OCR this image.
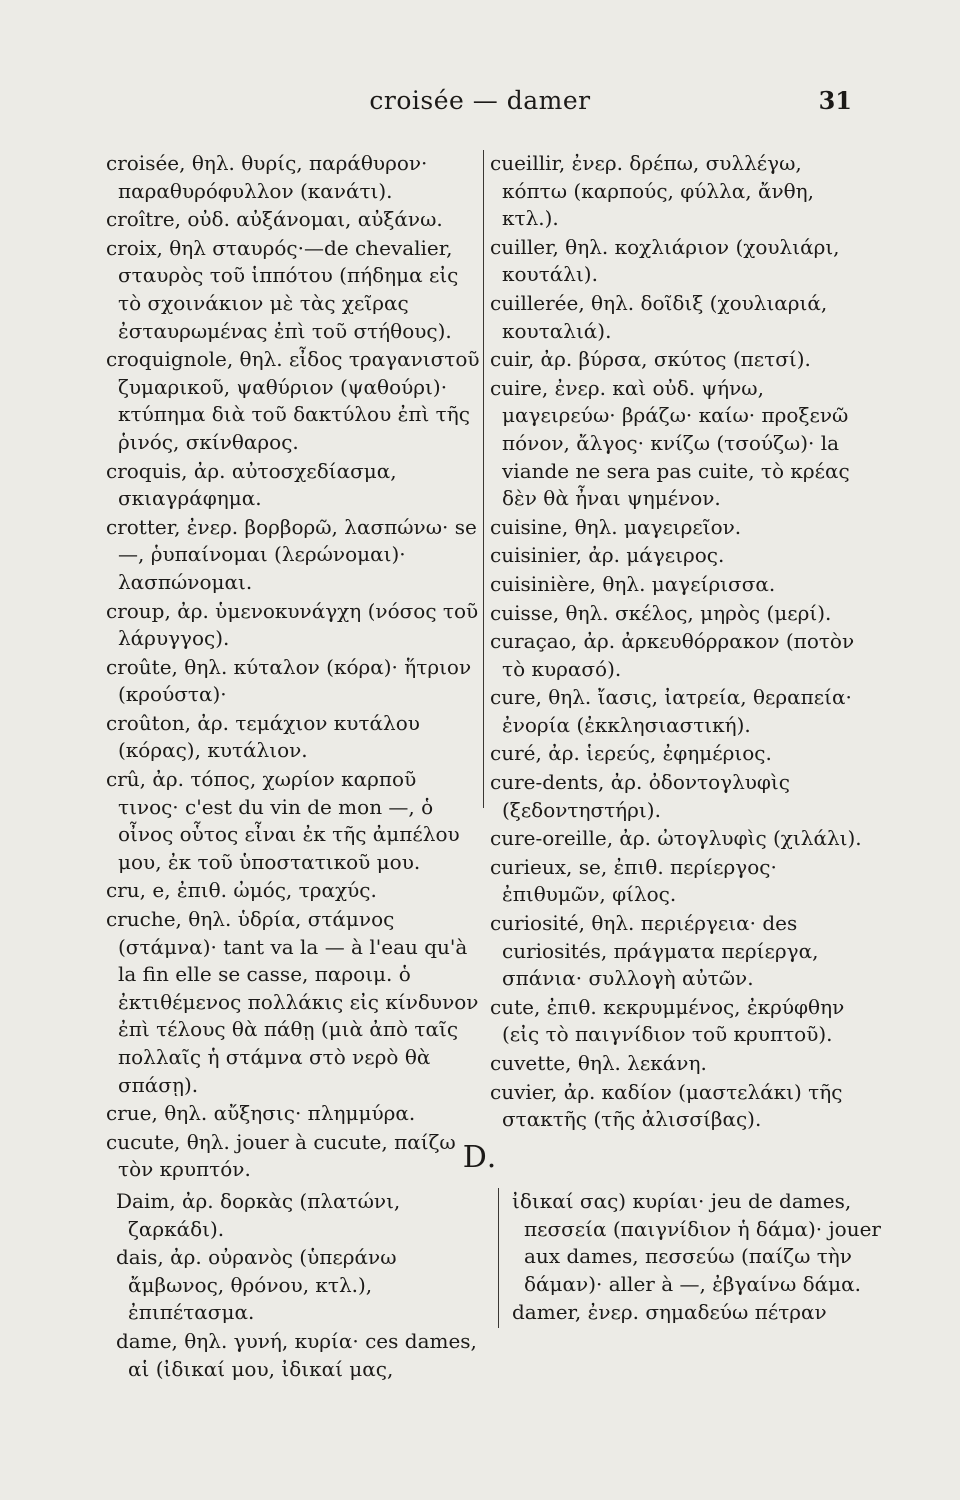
croisée — damer	31

croisée, θηλ. θυρίς, παράθυρον· παραθυρόφυλλον (κανάτι).

croître, οὐδ. αὐξάνομαι, αὐξάνω.

croix, θηλ σταυρός·—de chevalier, σταυρὸς τοῦ ἱππότου (πήδημα εἰς τὸ σχοινάκιον μὲ τὰς χεῖρας ἐσταυρωμένας ἐπὶ τοῦ στήθους).

croquignole, θηλ. εἶδος τραγανιστοῦ ζυμαρικοῦ, ψαθύριον (ψαθούρι)· κτύπημα διὰ τοῦ δακτύλου ἐπὶ τῆς ῥινός, σκίνθαρος.

croquis, ἀρ. αὐτοσχεδίασμα, σκιαγράφημα.

crotter, ἐνερ. βορβορῶ, λασπώνω· se —, ῥυπαίνομαι (λερώνομαι)· λασπώνομαι.

croup, ἀρ. ὑμενοκυνάγχη (νόσος τοῦ λάρυγγος).

croûte, θηλ. κύταλον (κόρα)· ἥτριον (κρούστα)·

croûton, ἀρ. τεμάχιον κυτάλου (κόρας), κυτάλιον.

crû, ἀρ. τόπος, χωρίον καρποῦ τινος· c'est du vin de mon —, ὁ οἶνος οὗτος εἶναι ἐκ τῆς ἀμπέλου μου, ἐκ τοῦ ὑποστατικοῦ μου.

cru, e, ἐπιθ. ὠμός, τραχύς.

cruche, θηλ. ὑδρία, στάμνος (στάμνα)· tant va la — à l'eau qu'à la fin elle se casse, παροιμ. ὁ ἐκτιθέμενος πολλάκις εἰς κίνδυνον ἐπὶ τέλους θὰ πάθῃ (μιὰ ἀπὸ ταῖς πολλαῖς ἡ στάμνα στὸ νερὸ θὰ σπάσῃ).

crue, θηλ. αὔξησις· πλημμύρα.

cucute, θηλ. jouer à cucute, παίζω τὸν κρυπτόν.

cueillir, ἐνερ. δρέπω, συλλέγω, κόπτω (καρπούς, φύλλα, ἄνθη, κτλ.).

cuiller, θηλ. κοχλιάριον (χουλιάρι, κουτάλι).

cuillerée, θηλ. δοῖδιξ (χουλιαριά, κουταλιά).

cuir, ἀρ. βύρσα, σκύτος (πετσί).

cuire, ἐνερ. καὶ οὐδ. ψήνω, μαγειρεύω· βράζω· καίω· προξενῶ πόνον, ἄλγος· κνίζω (τσούζω)· la viande ne sera pas cuite, τὸ κρέας δὲν θὰ ἦναι ψημένον.

cuisine, θηλ. μαγειρεῖον.

cuisinier, ἀρ. μάγειρος.

cuisinière, θηλ. μαγείρισσα.

cuisse, θηλ. σκέλος, μηρὸς (μερί).

curaçao, ἀρ. ἀρκευθόρρακον (ποτὸν τὸ κυρασό).

cure, θηλ. ἴασις, ἰατρεία, θεραπεία· ἐνορία (ἐκκλησιαστική).

curé, ἀρ. ἱερεύς, ἐφημέριος.

cure-dents, ἀρ. ὀδοντογλυφὶς (ξεδοντηστήρι).

cure-oreille, ἀρ. ὠτογλυφὶς (χιλάλι).

curieux, se, ἐπιθ. περίεργος· ἐπιθυμῶν, φίλος.

curiosité, θηλ. περιέργεια· des curiosités, πράγματα περίεργα, σπάνια· συλλογὴ αὐτῶν.

cute, ἐπιθ. κεκρυμμένος, ἐκρύφθην (εἰς τὸ παιγνίδιον τοῦ κρυπτοῦ).

cuvette, θηλ. λεκάνη.

cuvier, ἀρ. καδίον (μαστελάκι) τῆς στακτῆς (τῆς ἀλισσίβας).

D.

Daim, ἀρ. δορκὰς (πλατώνι, ζαρκάδι).

dais, ἀρ. οὐρανὸς (ὑπεράνω ἄμβωνος, θρόνου, κτλ.), ἐπιπέτασμα.

dame, θηλ. γυνή, κυρία· ces dames, αἱ (ἰδικαί μου, ἰδικαί μας,

ἰδικαί σας) κυρίαι· jeu de dames, πεσσεία (παιγνίδιον ἡ δάμα)· jouer aux dames, πεσσεύω (παίζω τὴν δάμαν)· aller à —, ἐβγαίνω δάμα.

damer, ἐνερ. σημαδεύω πέτραν
